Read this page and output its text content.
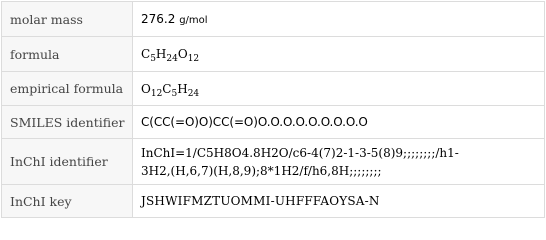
molar mass	276.2 g/mol
formula	$C_5H_{24}O_{12}$
empirical formula	$O_{12}C_5H_{24}$
SMILES identifier	C(CC(=O)O)CC(=O)O.O.O.O.O.O.O.O.O
InChI identifier	InChI=1/C5H8O4.8H2O/c6-4(7)2-1-3-5(8)9;;;;;;;;/h1-
3H2,(H,6,7)(H,8,9);8*1H2/f/h6,8H;;;;;;;;

InChI key	JSHWIFMZTUOMMI-UHFFFAOYSA-N
